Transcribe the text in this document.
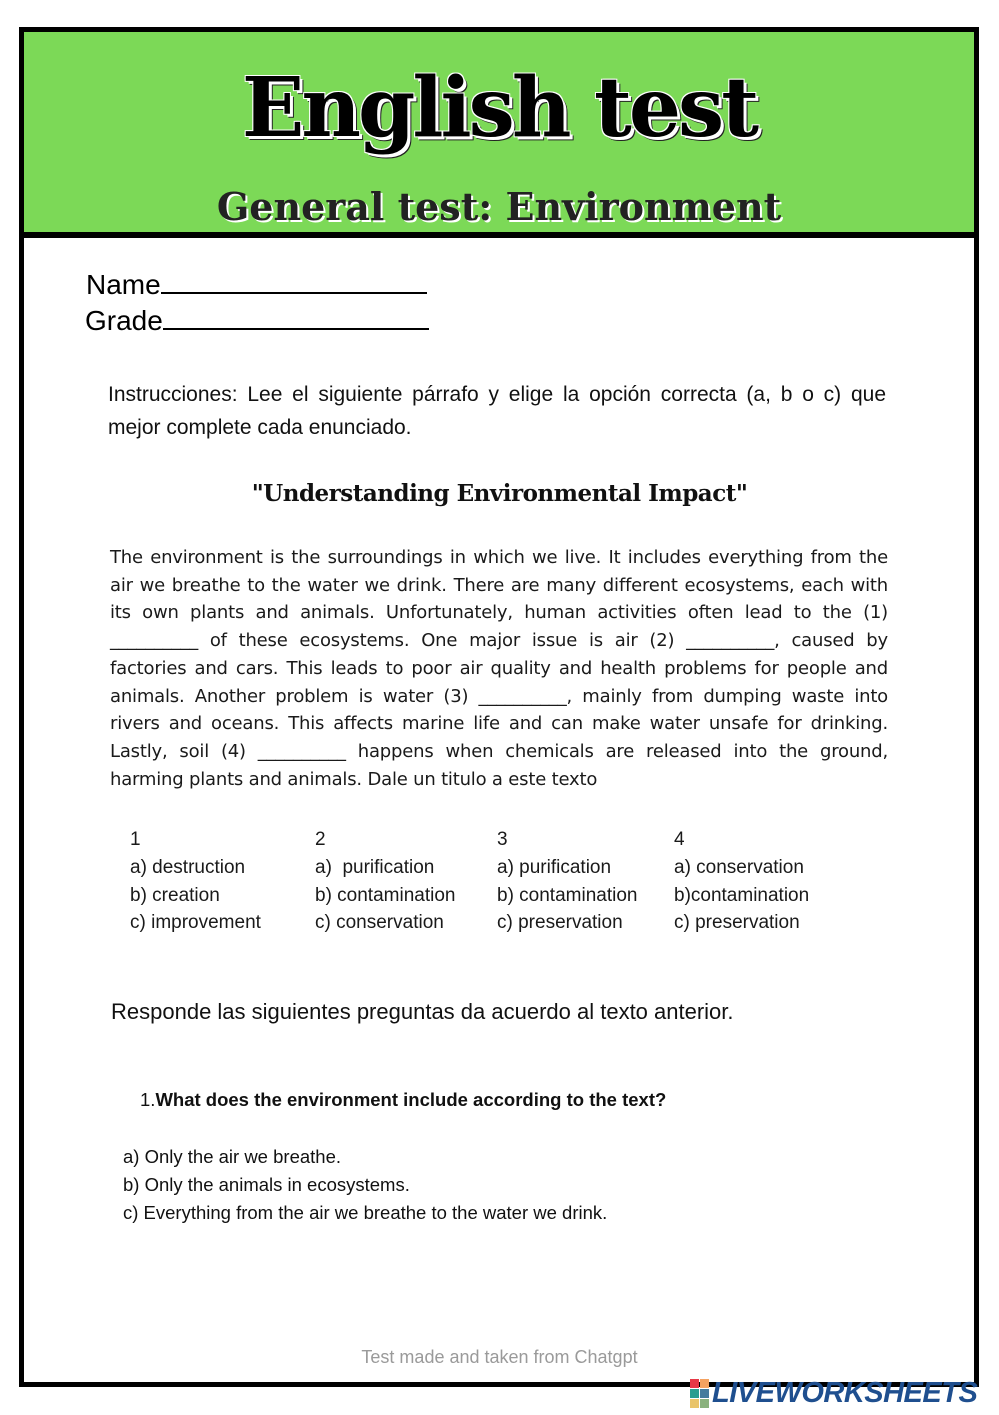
English test
General test: Environment
Name
Grade
Instrucciones: Lee el siguiente párrafo y elige la opción correcta (a, b o c) que mejor complete cada enunciado.
"Understanding Environmental Impact"
The environment is the surroundings in which we live. It includes everything from the air we breathe to the water we drink. There are many different ecosystems, each with its own plants and animals. Unfortunately, human activities often lead to the (1) __________ of these ecosystems. One major issue is air (2) __________, caused by factories and cars. This leads to poor air quality and health problems for people and animals. Another problem is water (3) __________, mainly from dumping waste into rivers and oceans. This affects marine life and can make water unsafe for drinking. Lastly, soil (4) __________ happens when chemicals are released into the ground, harming plants and animals. Dale un titulo a este texto
1
a) destruction
b) creation
c) improvement
2
a)  purification
b) contamination
c) conservation
3
a) purification
b) contamination
c) preservation
4
a) conservation
b)contamination
c) preservation
Responde las siguientes preguntas da acuerdo al texto anterior.
1.What does the environment include according to the text?
a) Only the air we breathe.
b) Only the animals in ecosystems.
c) Everything from the air we breathe to the water we drink.
Test made and taken from Chatgpt
LIVEWORKSHEETS
